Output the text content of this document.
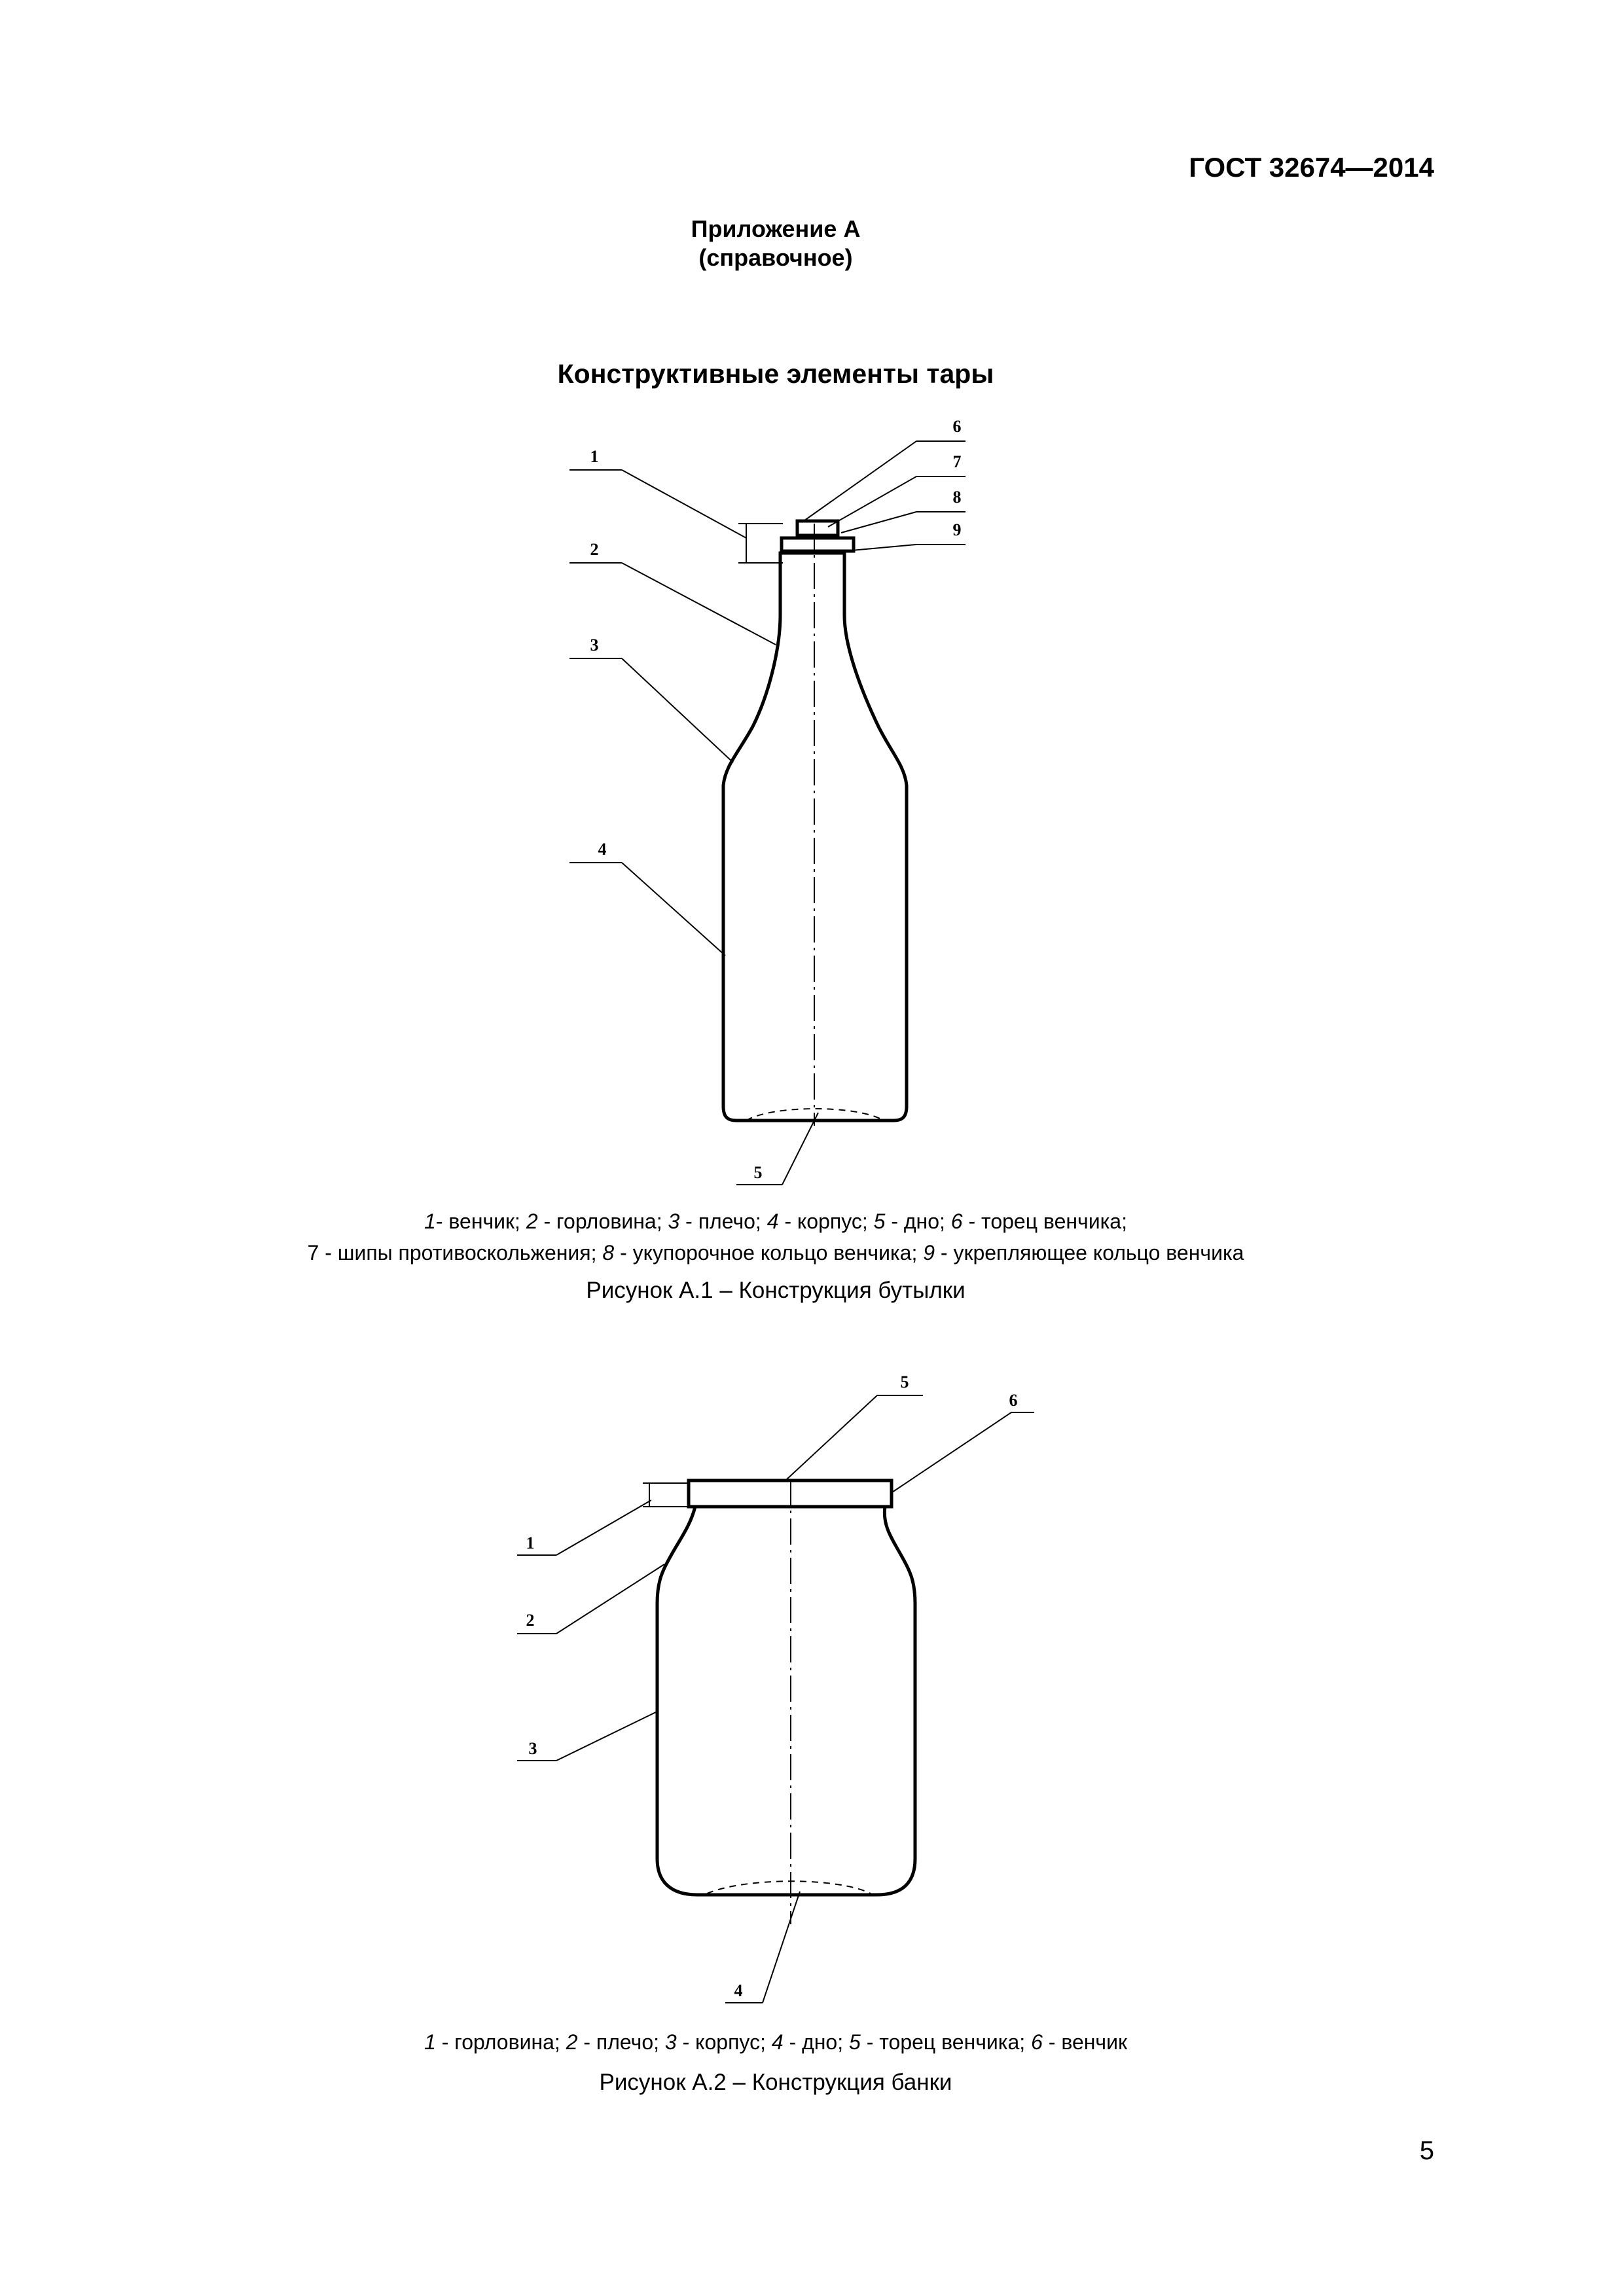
ГОСТ 32674—2014
Приложение А
(справочное)
Конструктивные элементы тары
1
2
3
4
5
6
7
8
9
1- венчик; 2 - горловина; 3 - плечо; 4 - корпус; 5 - дно; 6 - торец венчика;
7 - шипы противоскольжения; 8 - укупорочное кольцо венчика; 9 - укрепляющее кольцо венчика
Рисунок А.1 – Конструкция бутылки
1
2
3
4
5
6
1 - горловина; 2 - плечо; 3 - корпус; 4 - дно; 5 - торец венчика; 6 - венчик
Рисунок А.2 – Конструкция банки
5
